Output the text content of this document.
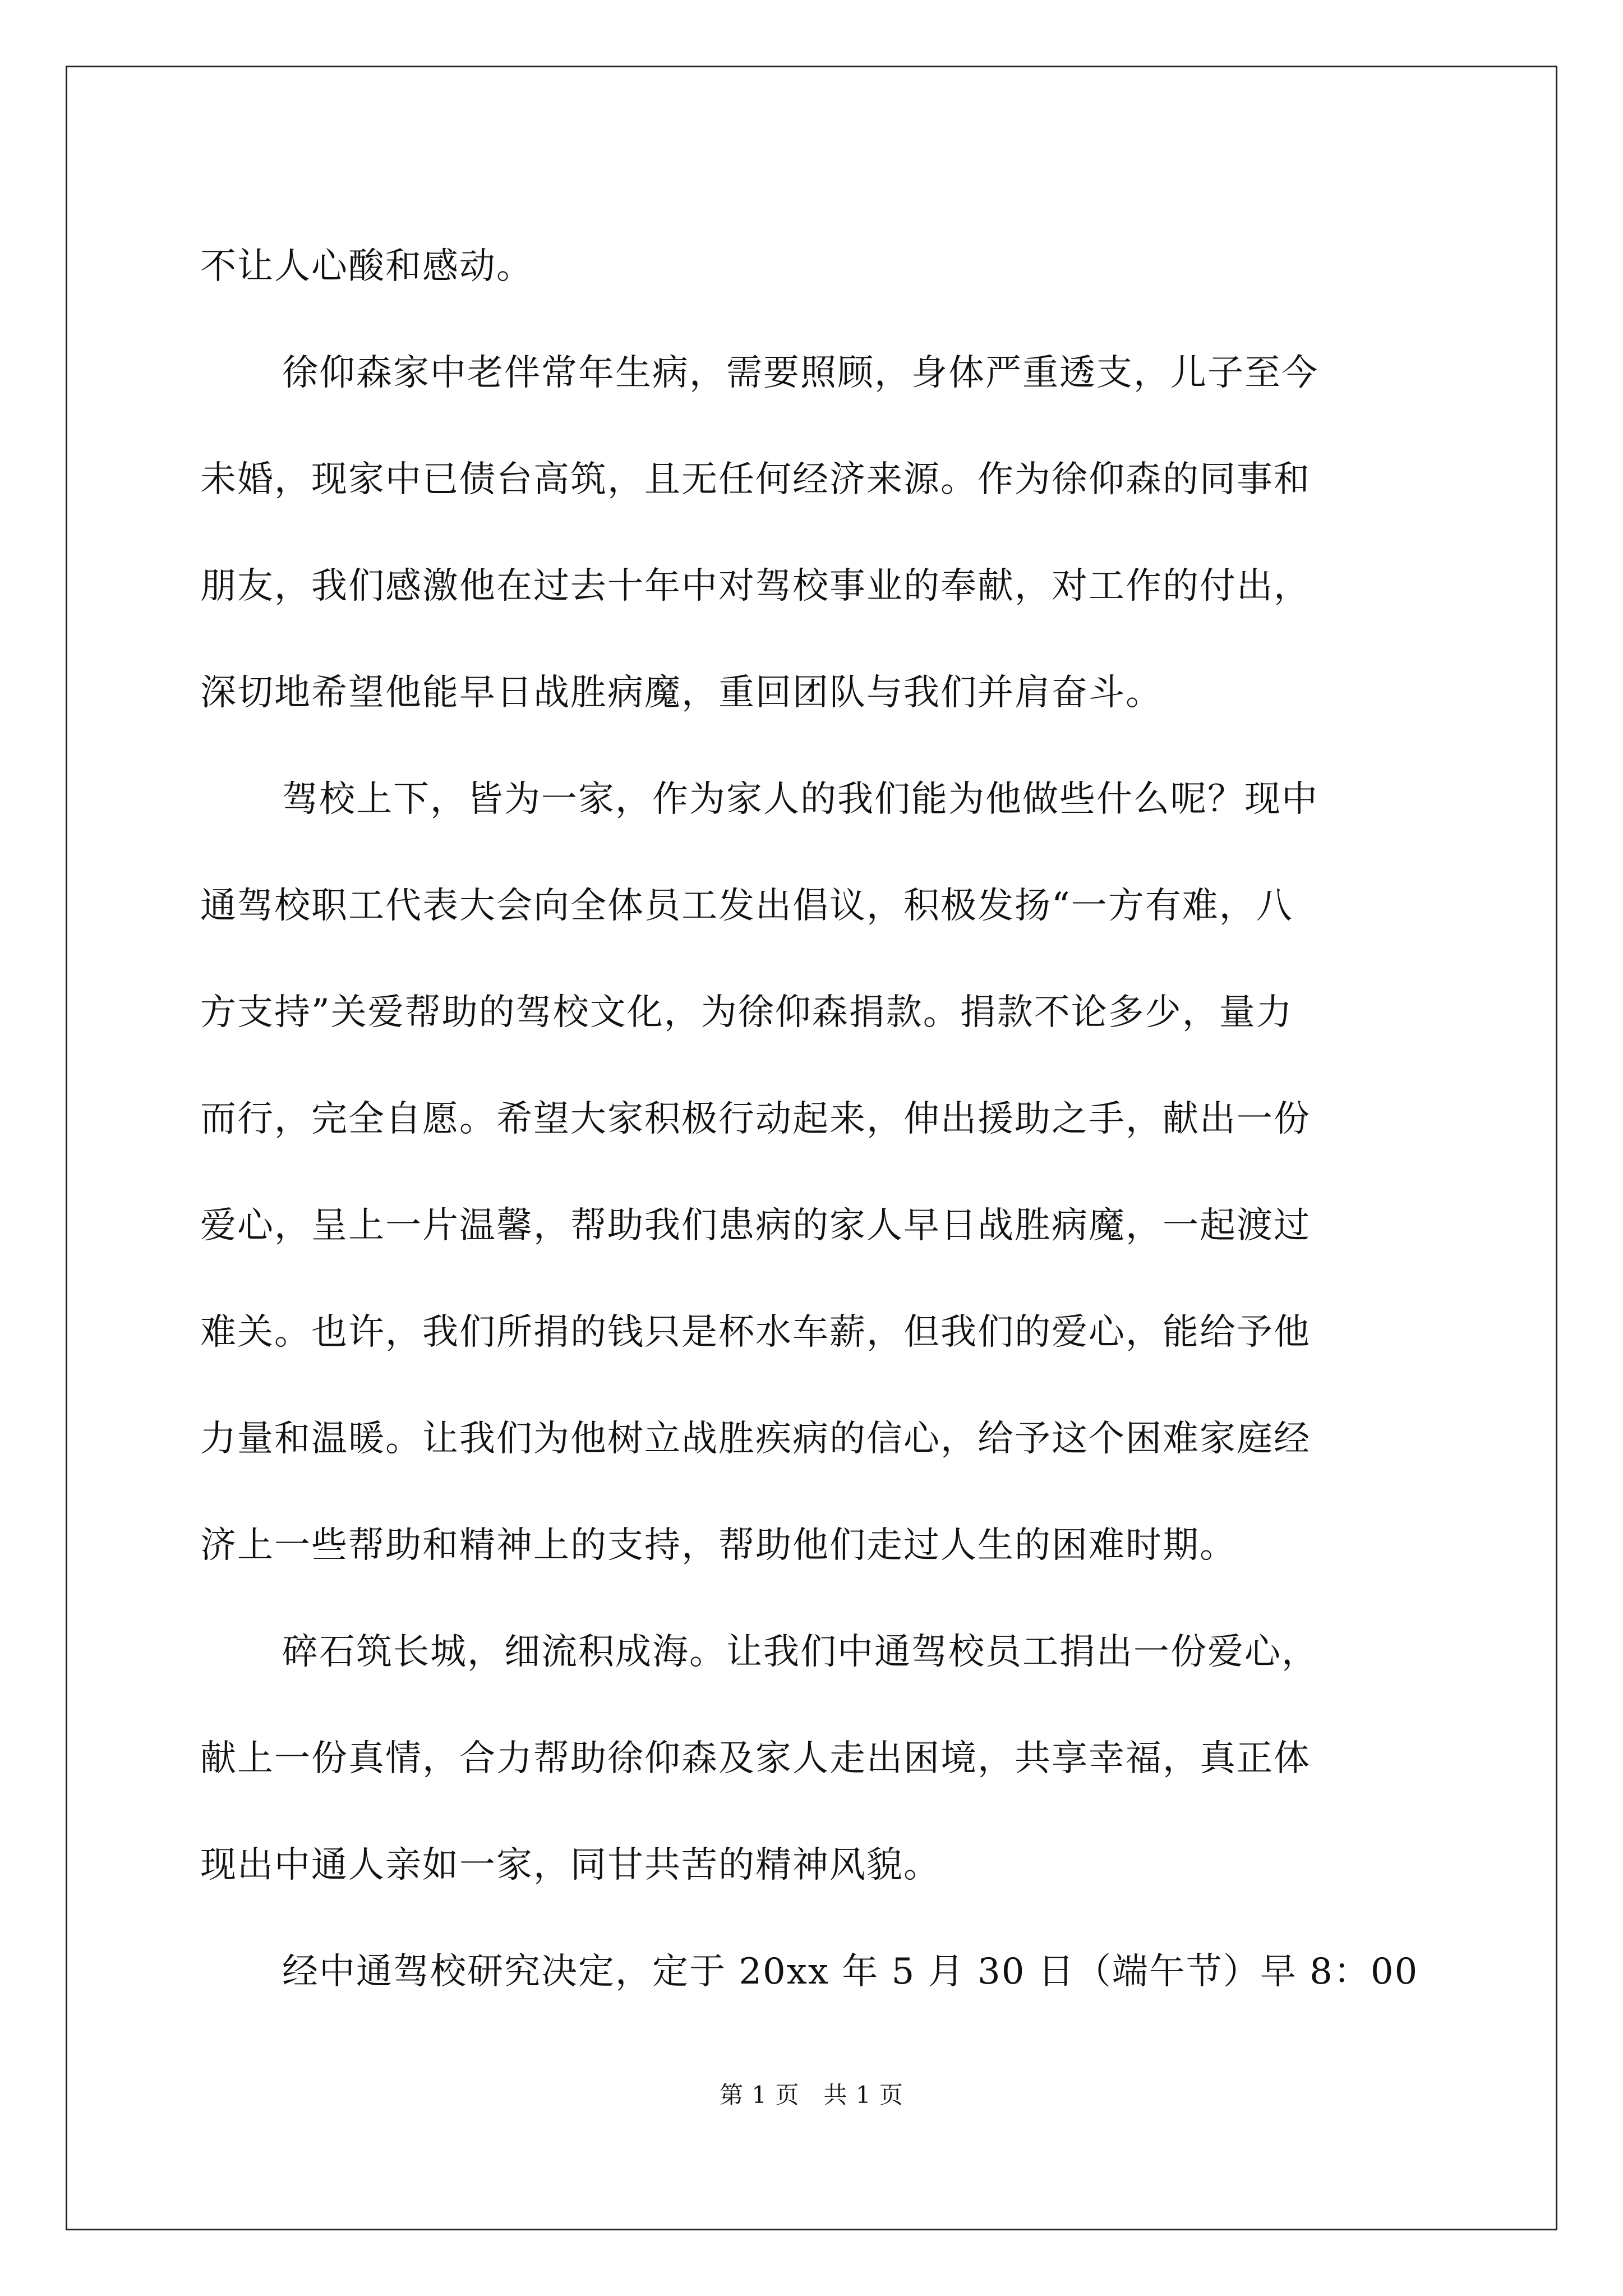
不让人心酸和感动。
徐仰森家中老伴常年生病，需要照顾，身体严重透支，儿子至今
未婚，现家中已债台高筑，且无任何经济来源。作为徐仰森的同事和
朋友，我们感激他在过去十年中对驾校事业的奉献，对工作的付出，
深切地希望他能早日战胜病魔，重回团队与我们并肩奋斗。
驾校上下，皆为一家，作为家人的我们能为他做些什么呢？现中
通驾校职工代表大会向全体员工发出倡议，积极发扬“一方有难，八
方支持”关爱帮助的驾校文化，为徐仰森捐款。捐款不论多少，量力
而行，完全自愿。希望大家积极行动起来，伸出援助之手，献出一份
爱心，呈上一片温馨，帮助我们患病的家人早日战胜病魔，一起渡过
难关。也许，我们所捐的钱只是杯水车薪，但我们的爱心，能给予他
力量和温暖。让我们为他树立战胜疾病的信心，给予这个困难家庭经
济上一些帮助和精神上的支持，帮助他们走过人生的困难时期。
碎石筑长城，细流积成海。让我们中通驾校员工捐出一份爱心，
献上一份真情，合力帮助徐仰森及家人走出困境，共享幸福，真正体
现出中通人亲如一家，同甘共苦的精神风貌。
经中通驾校研究决定，定于 20xx 年 5 月 30 日（端午节）早 8：00
第 1 页　共 1 页
